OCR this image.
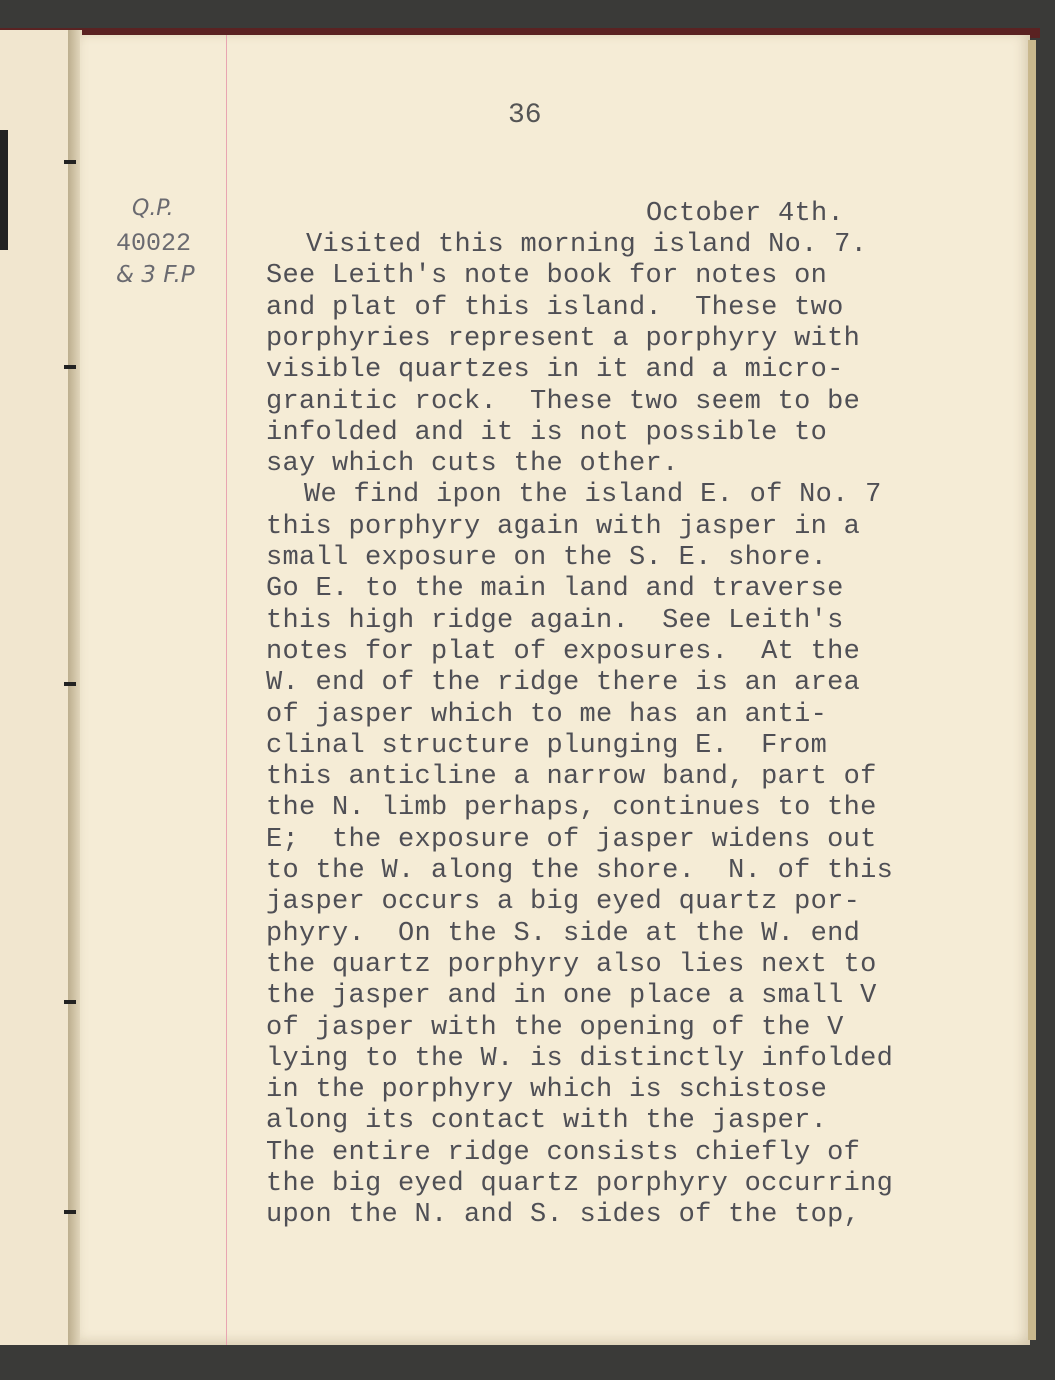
36
Q.P.
40022
& 3 F.P
October 4th.
Visited this morning island No. 7.
See Leith's note book for notes on
and plat of this island.  These two
porphyries represent a porphyry with
visible quartzes in it and a micro-
granitic rock.  These two seem to be
infolded and it is not possible to
say which cuts the other.
We find ipon the island E. of No. 7
this porphyry again with jasper in a
small exposure on the S. E. shore.
Go E. to the main land and traverse
this high ridge again.  See Leith's
notes for plat of exposures.  At the
W. end of the ridge there is an area
of jasper which to me has an anti-
clinal structure plunging E.  From
this anticline a narrow band, part of
the N. limb perhaps, continues to the
E;  the exposure of jasper widens out
to the W. along the shore.  N. of this
jasper occurs a big eyed quartz por-
phyry.  On the S. side at the W. end
the quartz porphyry also lies next to
the jasper and in one place a small V
of jasper with the opening of the V
lying to the W. is distinctly infolded
in the porphyry which is schistose
along its contact with the jasper.
The entire ridge consists chiefly of
the big eyed quartz porphyry occurring
upon the N. and S. sides of the top,
